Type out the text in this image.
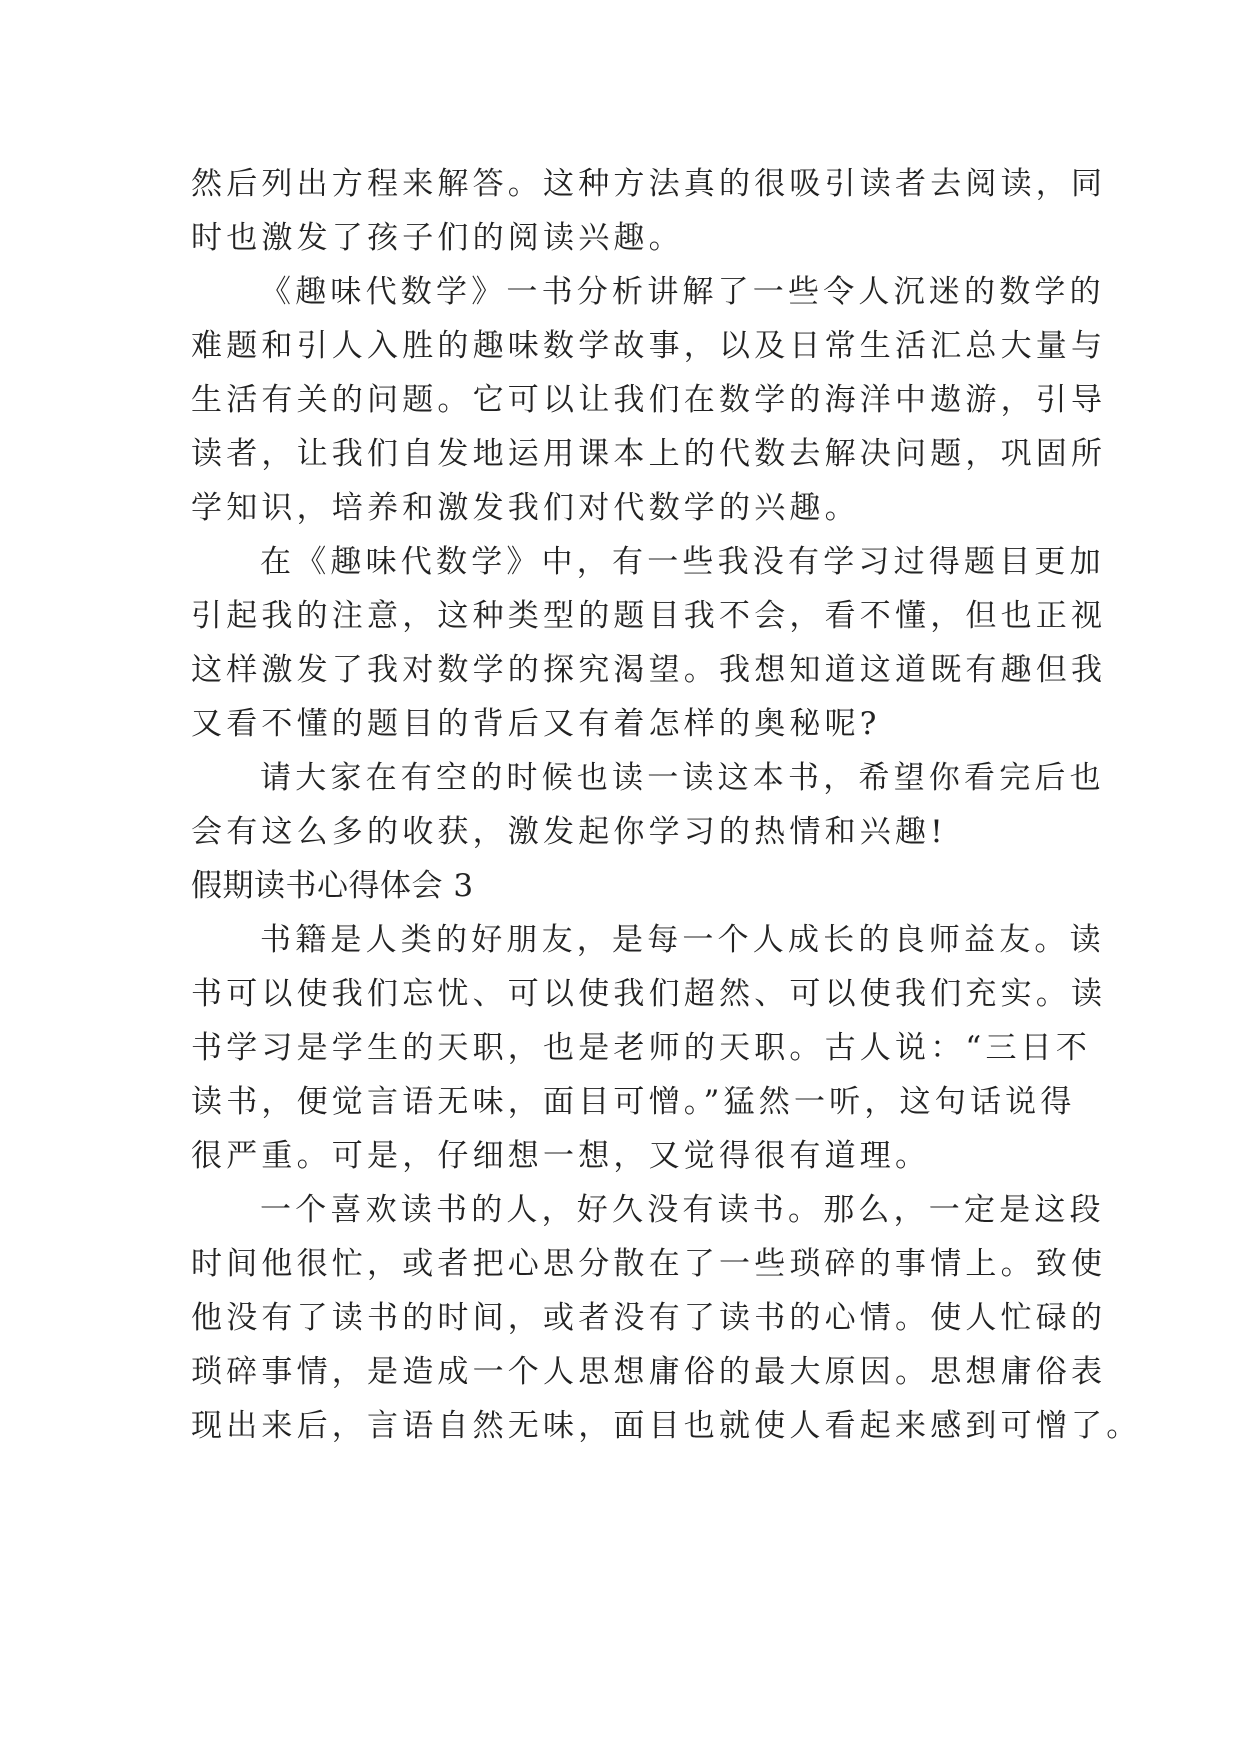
然后列出方程来解答。这种方法真的很吸引读者去阅读，同
时也激发了孩子们的阅读兴趣。
《趣味代数学》一书分析讲解了一些令人沉迷的数学的
难题和引人入胜的趣味数学故事，以及日常生活汇总大量与
生活有关的问题。它可以让我们在数学的海洋中遨游，引导
读者，让我们自发地运用课本上的代数去解决问题，巩固所
学知识，培养和激发我们对代数学的兴趣。
在《趣味代数学》中，有一些我没有学习过得题目更加
引起我的注意，这种类型的题目我不会，看不懂，但也正视
这样激发了我对数学的探究渴望。我想知道这道既有趣但我
又看不懂的题目的背后又有着怎样的奥秘呢?
请大家在有空的时候也读一读这本书，希望你看完后也
会有这么多的收获，激发起你学习的热情和兴趣!
假期读书心得体会 3
书籍是人类的好朋友，是每一个人成长的良师益友。读
书可以使我们忘忧、可以使我们超然、可以使我们充实。读
书学习是学生的天职，也是老师的天职。古人说：“三日不
读书，便觉言语无味，面目可憎。”猛然一听，这句话说得
很严重。可是，仔细想一想，又觉得很有道理。
一个喜欢读书的人，好久没有读书。那么，一定是这段
时间他很忙，或者把心思分散在了一些琐碎的事情上。致使
他没有了读书的时间，或者没有了读书的心情。使人忙碌的
琐碎事情，是造成一个人思想庸俗的最大原因。思想庸俗表
现出来后，言语自然无味，面目也就使人看起来感到可憎了。
